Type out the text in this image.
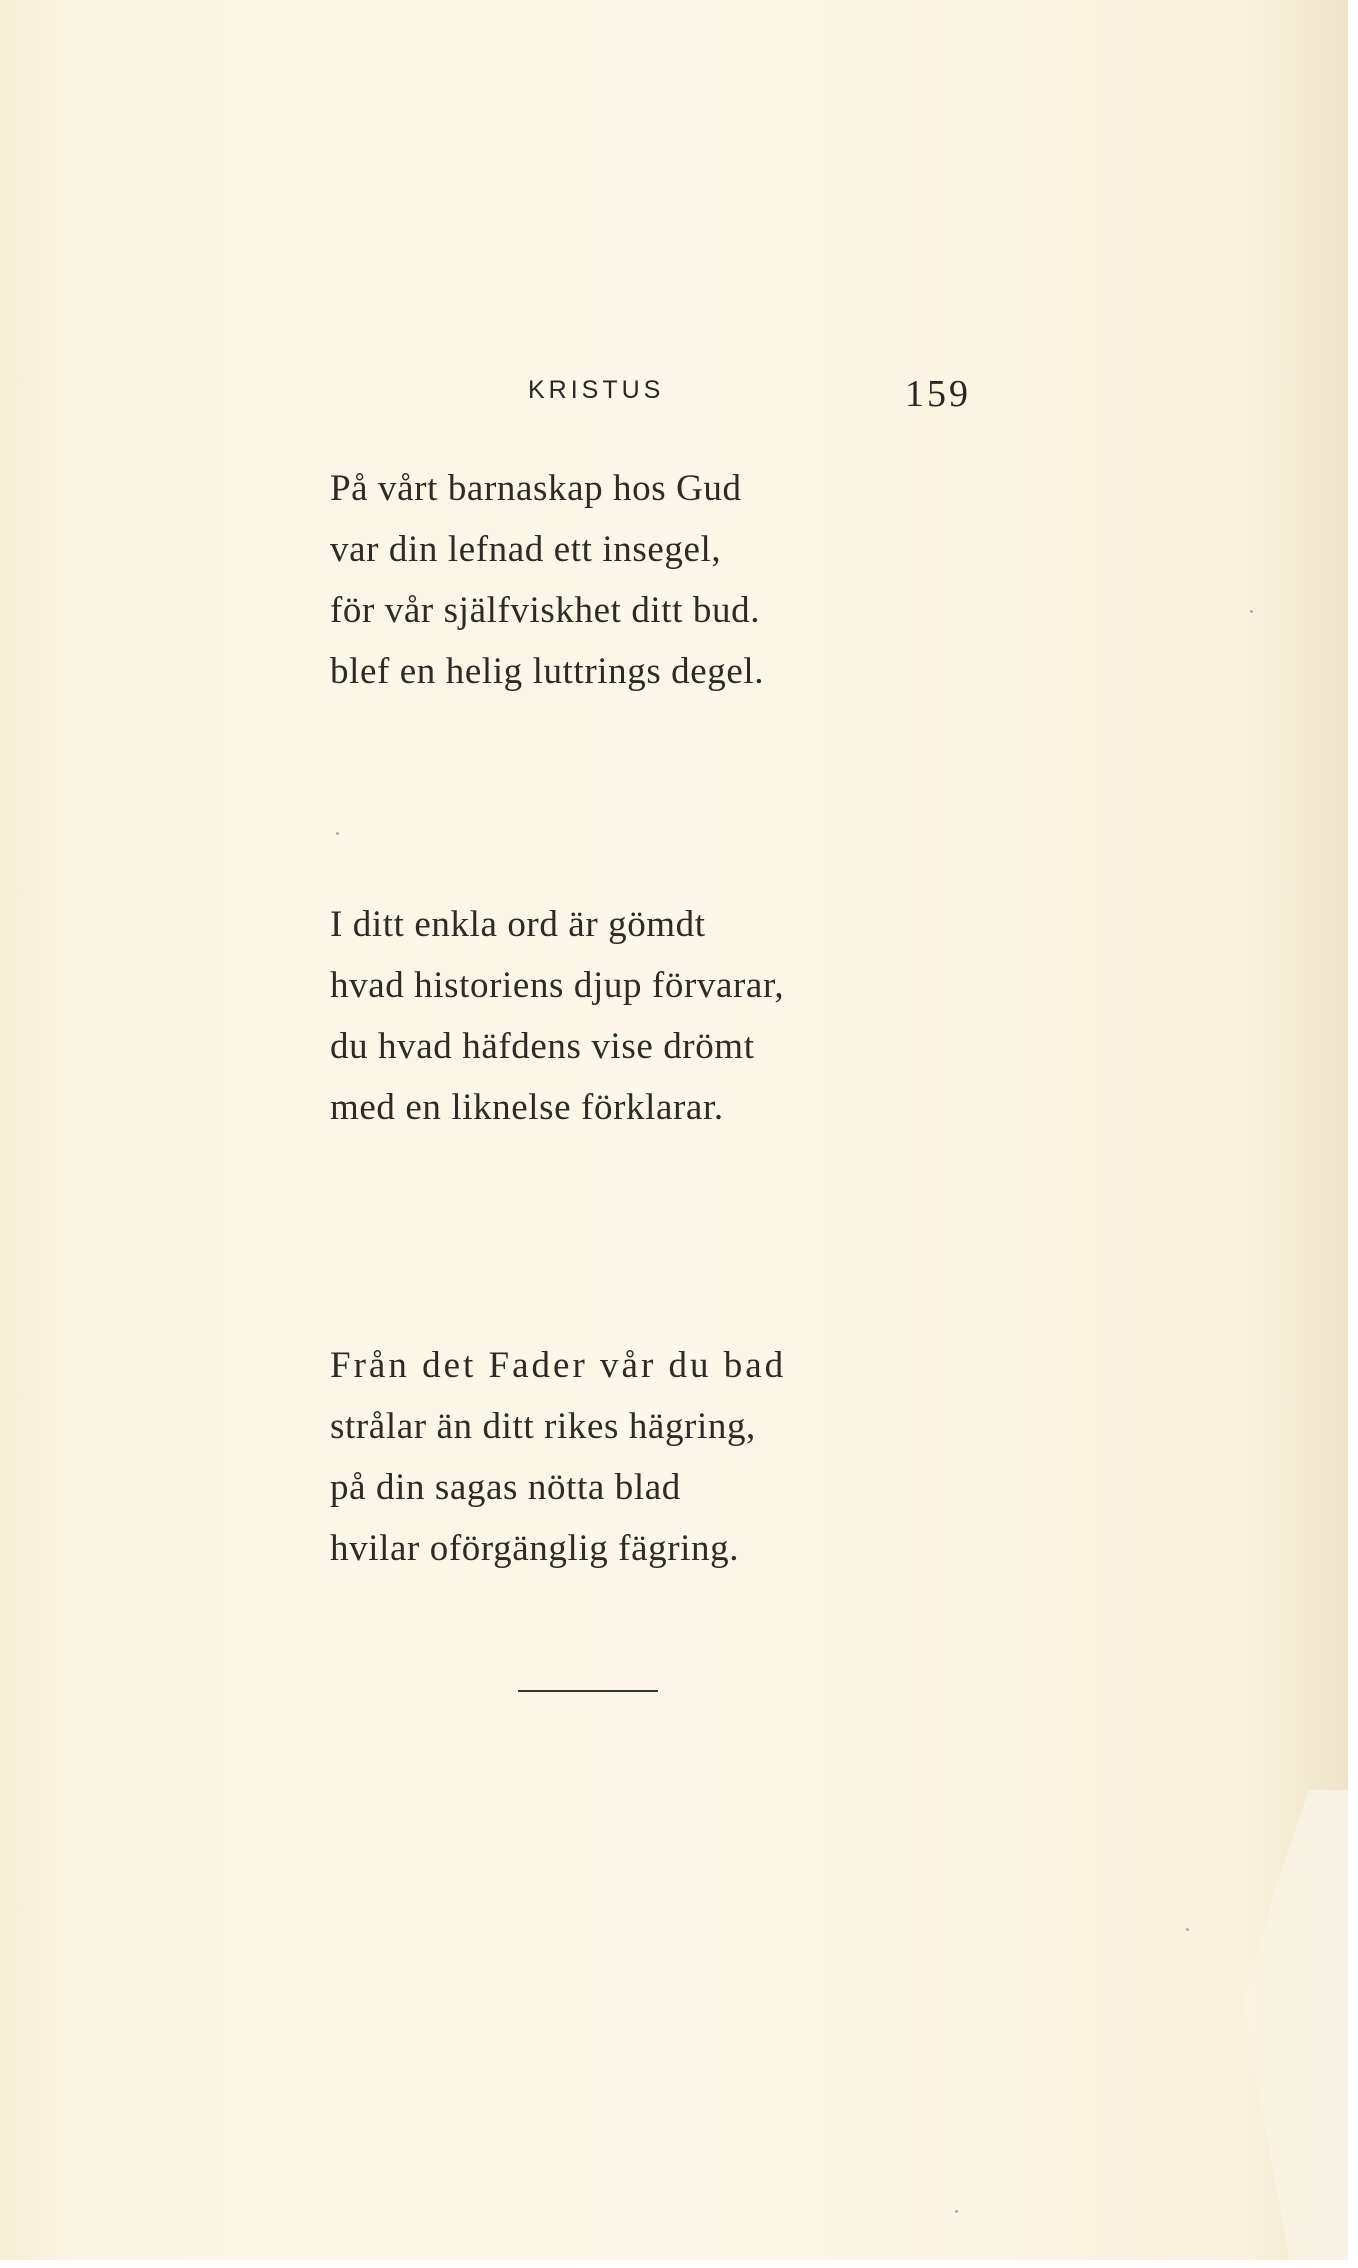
KRISTUS	159
På vårt barnaskap hos Gud
var din lefnad ett insegel,
för vår själfviskhet ditt bud.
blef en helig luttrings degel.
I ditt enkla ord är gömdt
hvad historiens djup förvarar,
du hvad häfdens vise drömt
med en liknelse förklarar.
Från det Fader vår du bad
strålar än ditt rikes hägring,
på din sagas nötta blad
hvilar oförgänglig fägring.
